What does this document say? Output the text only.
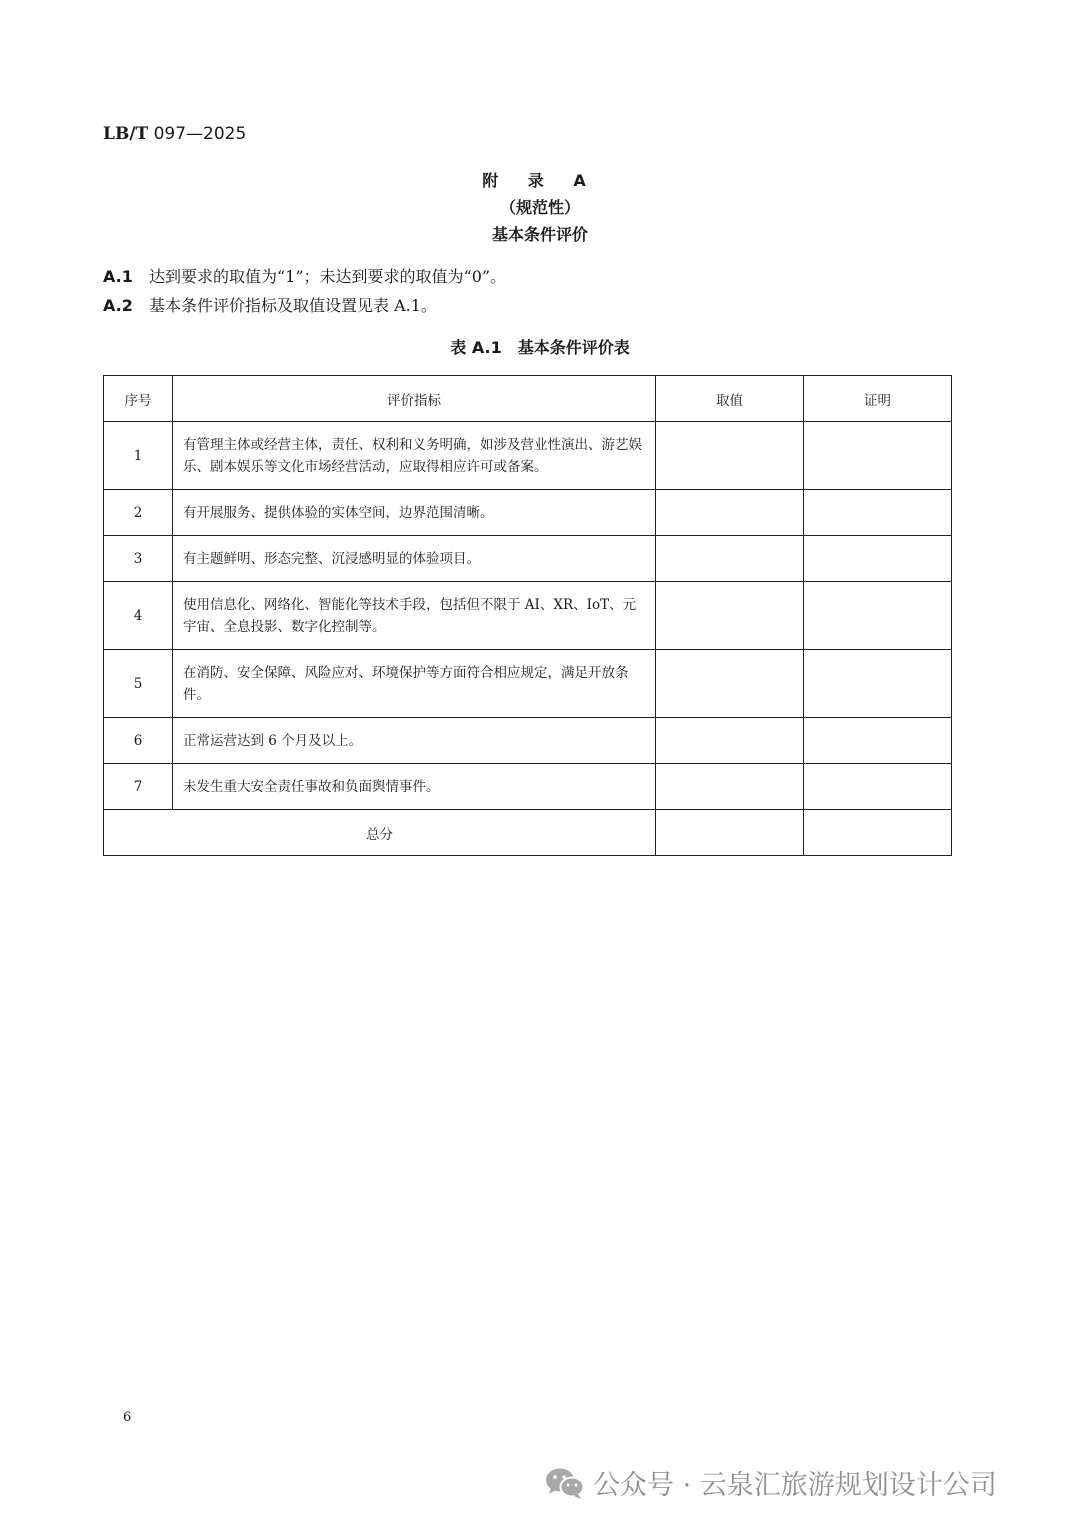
LB/T 097—2025
附 录 A
（规范性）
基本条件评价
A.1 达到要求的取值为“1”；未达到要求的取值为“0”。
A.2 基本条件评价指标及取值设置见表 A.1。
表 A.1　基本条件评价表
序号	评价指标	取值	证明
1	有管理主体或经营主体，责任、权利和义务明确，如涉及营业性演出、游艺娱乐、剧本娱乐等文化市场经营活动，应取得相应许可或备案。		
2	有开展服务、提供体验的实体空间，边界范围清晰。		
3	有主题鲜明、形态完整、沉浸感明显的体验项目。		
4	使用信息化、网络化、智能化等技术手段，包括但不限于 AI、XR、IoT、元宇宙、全息投影、数字化控制等。		
5	在消防、安全保障、风险应对、环境保护等方面符合相应规定，满足开放条件。		
6	正常运营达到 6 个月及以上。		
7	未发生重大安全责任事故和负面舆情事件。		
总分			
6
公众号 · 云泉汇旅游规划设计公司
